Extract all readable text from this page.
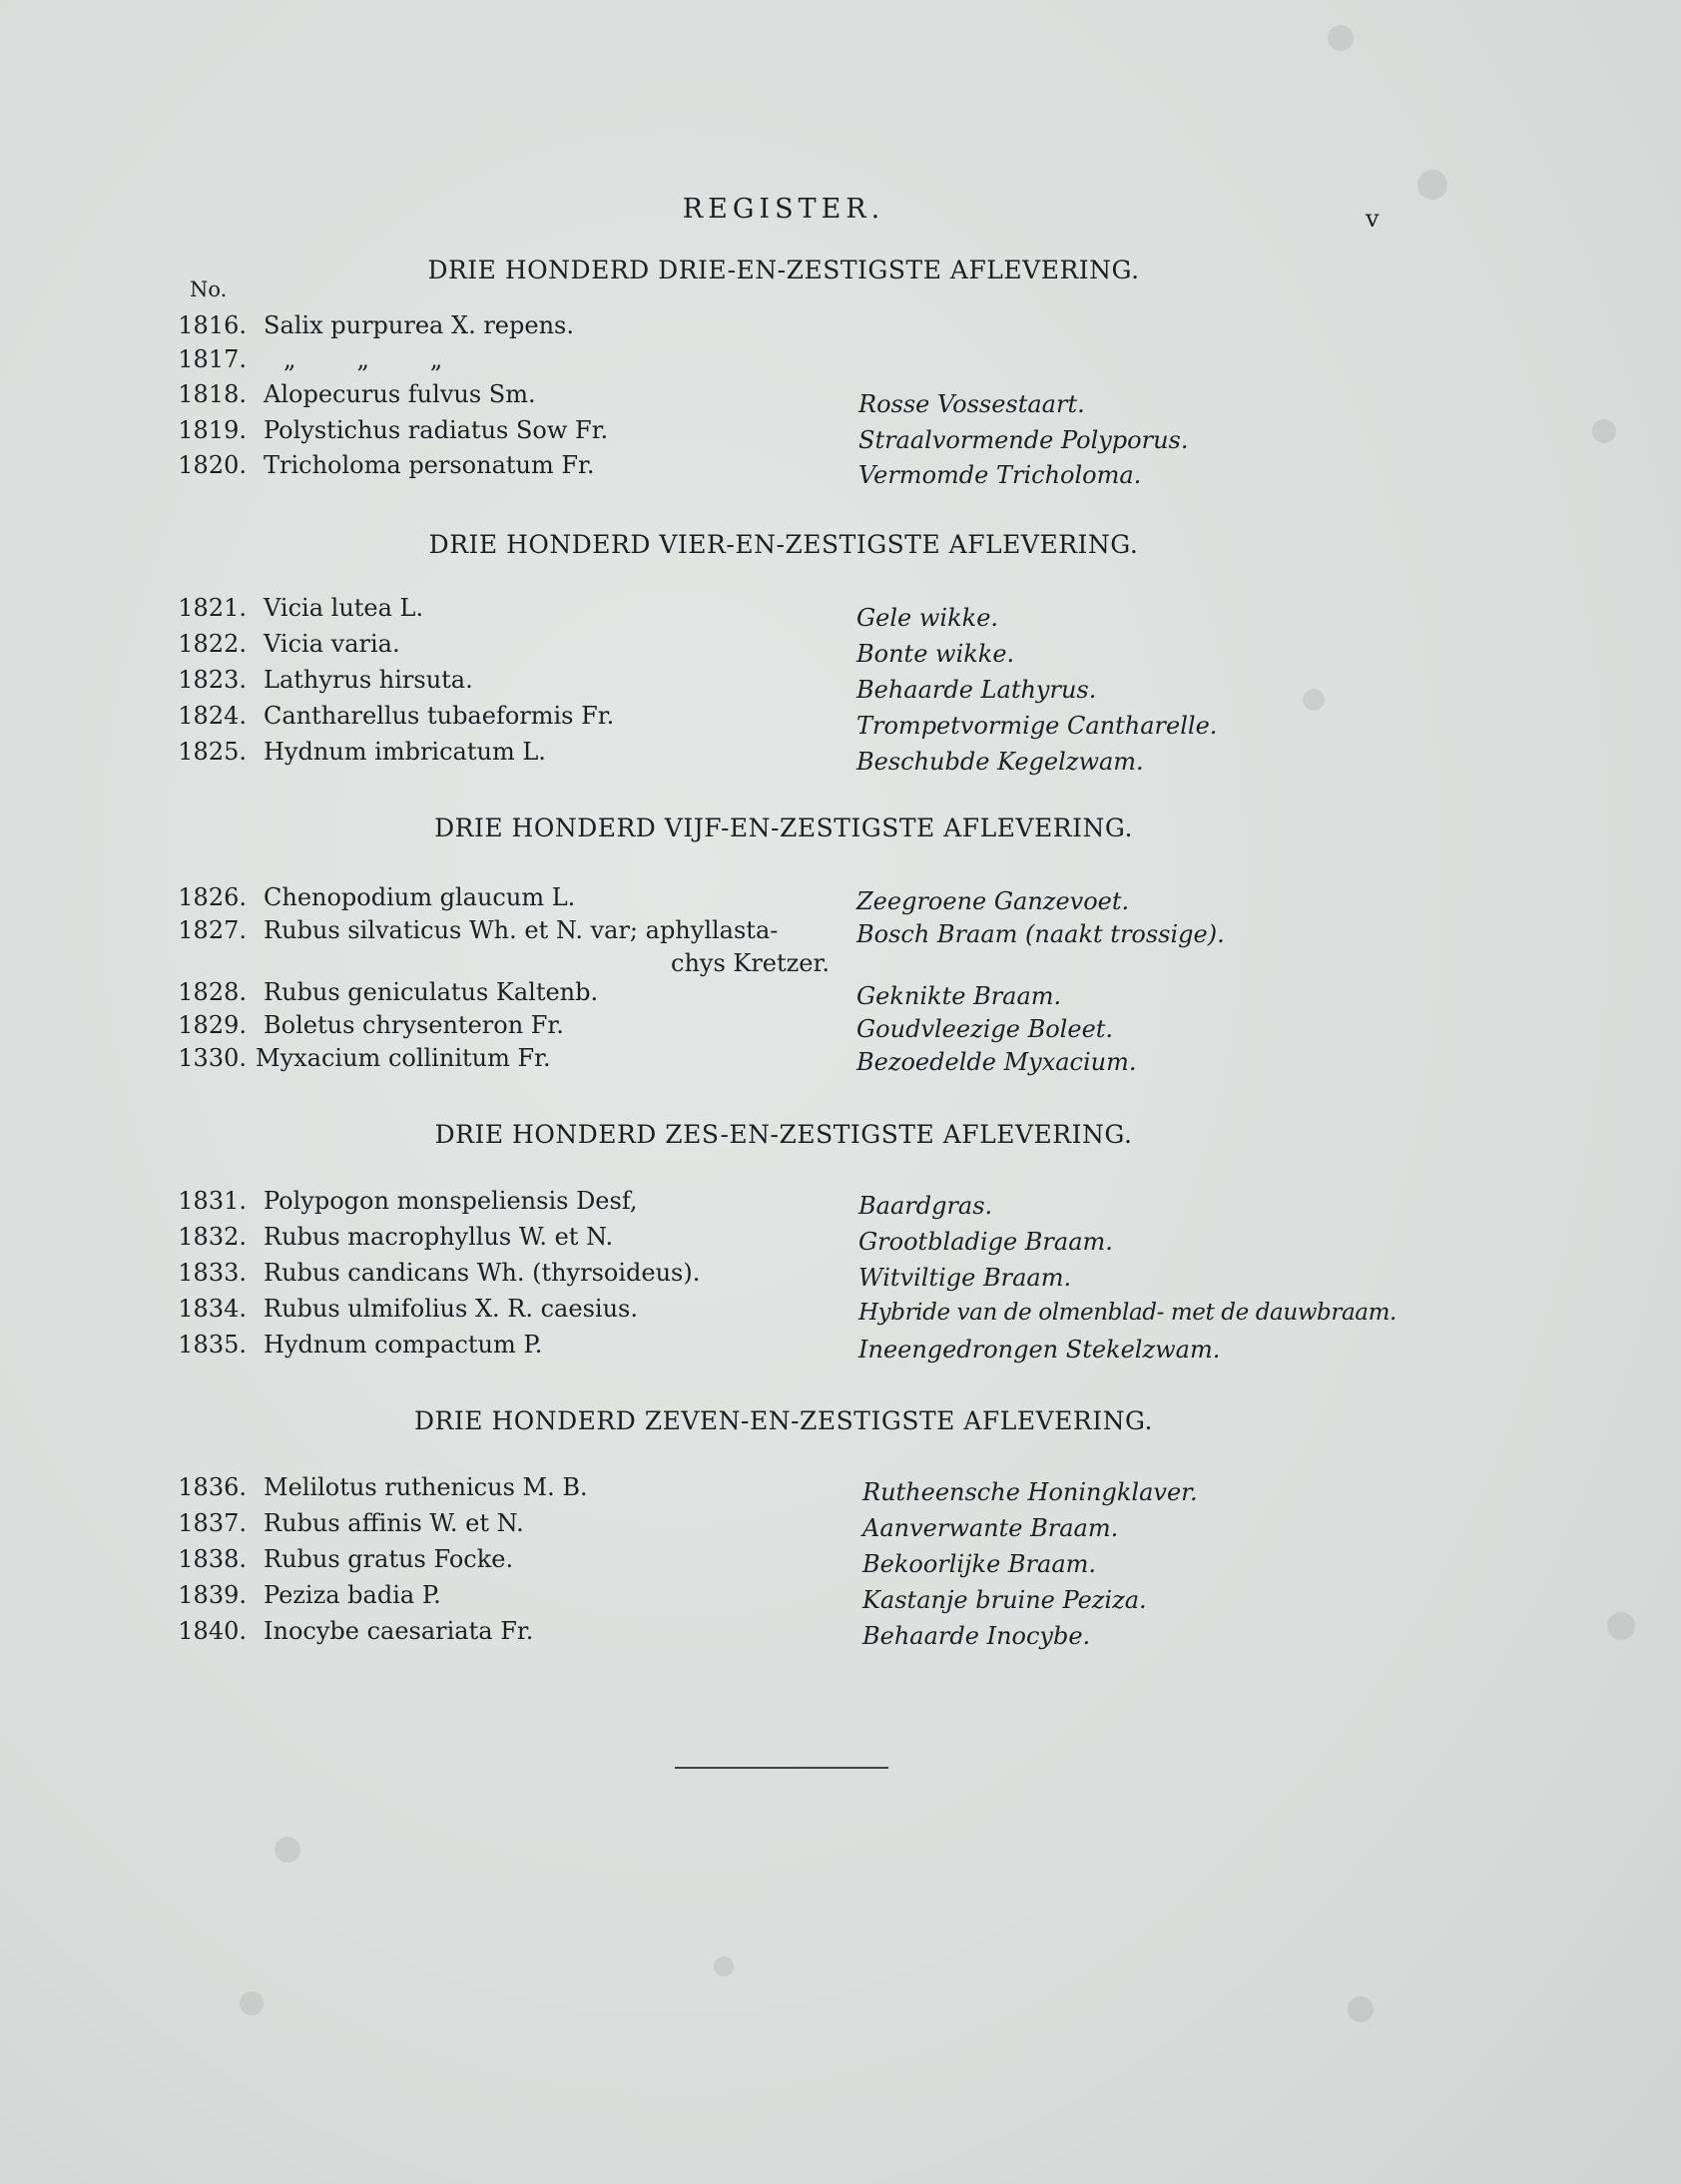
REGISTER.	v
No.
DRIE HONDERD DRIE-EN-ZESTIGSTE AFLEVERING.
1816. Salix purpurea X. repens.
1817. „        „        „
1818. Alopecurus fulvus Sm.	Rosse Vossestaart.
1819. Polystichus radiatus Sow Fr.	Straalvormende Polyporus.
1820. Tricholoma personatum Fr.	Vermomde Tricholoma.
DRIE HONDERD VIER-EN-ZESTIGSTE AFLEVERING.
1821. Vicia lutea L.	Gele wikke.
1822. Vicia varia.	Bonte wikke.
1823. Lathyrus hirsuta.	Behaarde Lathyrus.
1824. Cantharellus tubaeformis Fr.	Trompetvormige Cantharelle.
1825. Hydnum imbricatum L.	Beschubde Kegelzwam.
DRIE HONDERD VIJF-EN-ZESTIGSTE AFLEVERING.
1826. Chenopodium glaucum L.	Zeegroene Ganzevoet.
1827. Rubus silvaticus Wh. et N. var; aphyllasta-	Bosch Braam (naakt trossige).
chys Kretzer.
1828. Rubus geniculatus Kaltenb.	Geknikte Braam.
1829. Boletus chrysenteron Fr.	Goudvleezige Boleet.
1330. Myxacium collinitum Fr.	Bezoedelde Myxacium.
DRIE HONDERD ZES-EN-ZESTIGSTE AFLEVERING.
1831. Polypogon monspeliensis Desf,	Baardgras.
1832. Rubus macrophyllus W. et N.	Grootbladige Braam.
1833. Rubus candicans Wh. (thyrsoideus).	Witviltige Braam.
1834. Rubus ulmifolius X. R. caesius.	Hybride van de olmenblad- met de dauwbraam.
1835. Hydnum compactum P.	Ineengedrongen Stekelzwam.
DRIE HONDERD ZEVEN-EN-ZESTIGSTE AFLEVERING.
1836. Melilotus ruthenicus M. B.	Rutheensche Honingklaver.
1837. Rubus affinis W. et N.	Aanverwante Braam.
1838. Rubus gratus Focke.	Bekoorlijke Braam.
1839. Peziza badia P.	Kastanje bruine Peziza.
1840. Inocybe caesariata Fr.	Behaarde Inocybe.
